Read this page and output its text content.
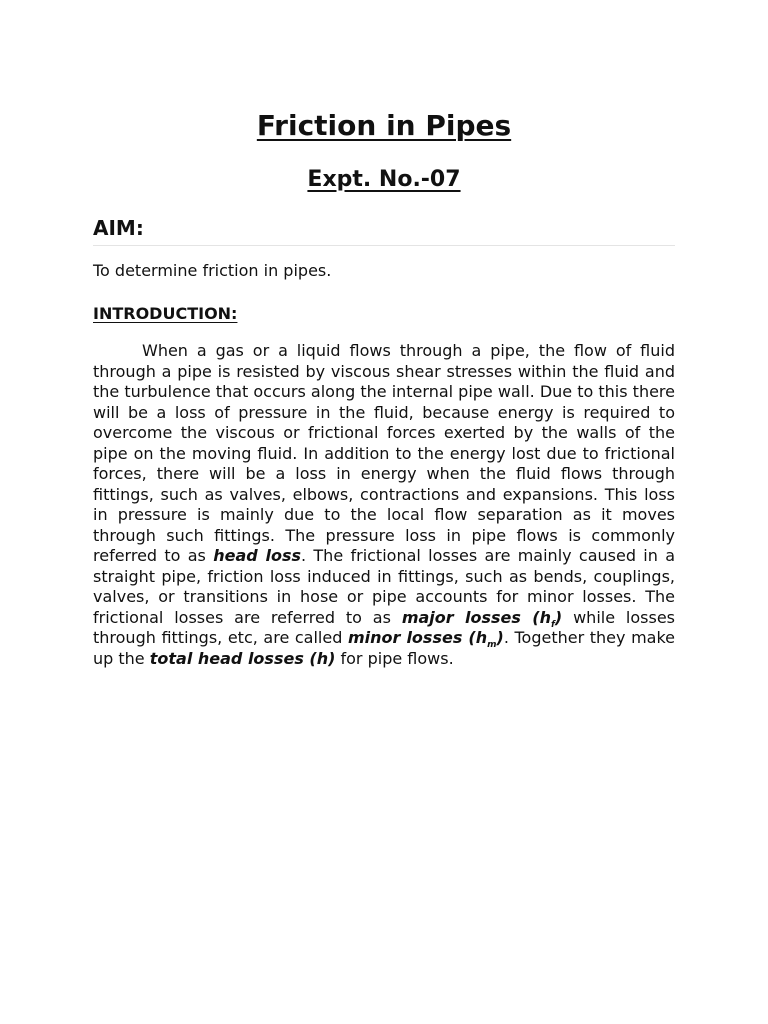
Friction in Pipes
Expt. No.-07
AIM:

To determine friction in pipes.

INTRODUCTION:

When a gas or a liquid flows through a pipe, the flow of fluid through a pipe is resisted by viscous shear stresses within the fluid and the turbulence that occurs along the internal pipe wall. Due to this there will be a loss of pressure in the fluid, because energy is required to overcome the viscous or frictional forces exerted by the walls of the pipe on the moving fluid. In addition to the energy lost due to frictional forces, there will be a loss in energy when the fluid flows through fittings, such as valves, elbows, contractions and expansions. This loss in pressure is mainly due to the local flow separation as it moves through such fittings. The pressure loss in pipe flows is commonly referred to as head loss. The frictional losses are mainly caused in a straight pipe, friction loss induced in fittings, such as bends, couplings, valves, or transitions in hose or pipe accounts for minor losses. The frictional losses are referred to as major losses $(h_f)$ while losses through fittings, etc, are called minor losses $(h_m)$. Together they make up the total head losses (h) for pipe flows.
